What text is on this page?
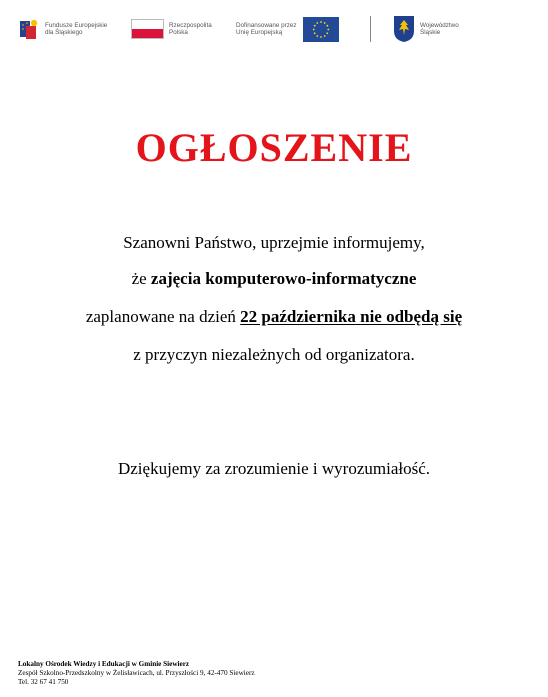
Fundusze Europejskie
dla Śląskiego
Rzeczpospolita
Polska
Dofinansowane przez
Unię Europejską
Województwo
Śląskie
OGŁOSZENIE
Szanowni Państwo, uprzejmie informujemy,
że zajęcia komputerowo-informatyczne
zaplanowane na dzień 22 października nie odbędą się
z przyczyn niezależnych od organizatora.
Dziękujemy za zrozumienie i wyrozumiałość.
Lokalny Ośrodek Wiedzy i Edukacji w Gminie Siewierz
Zespół Szkolno-Przedszkolny w Żelisławicach, ul. Przyszłości 9, 42-470 Siewierz
Tel. 32 67 41 750
